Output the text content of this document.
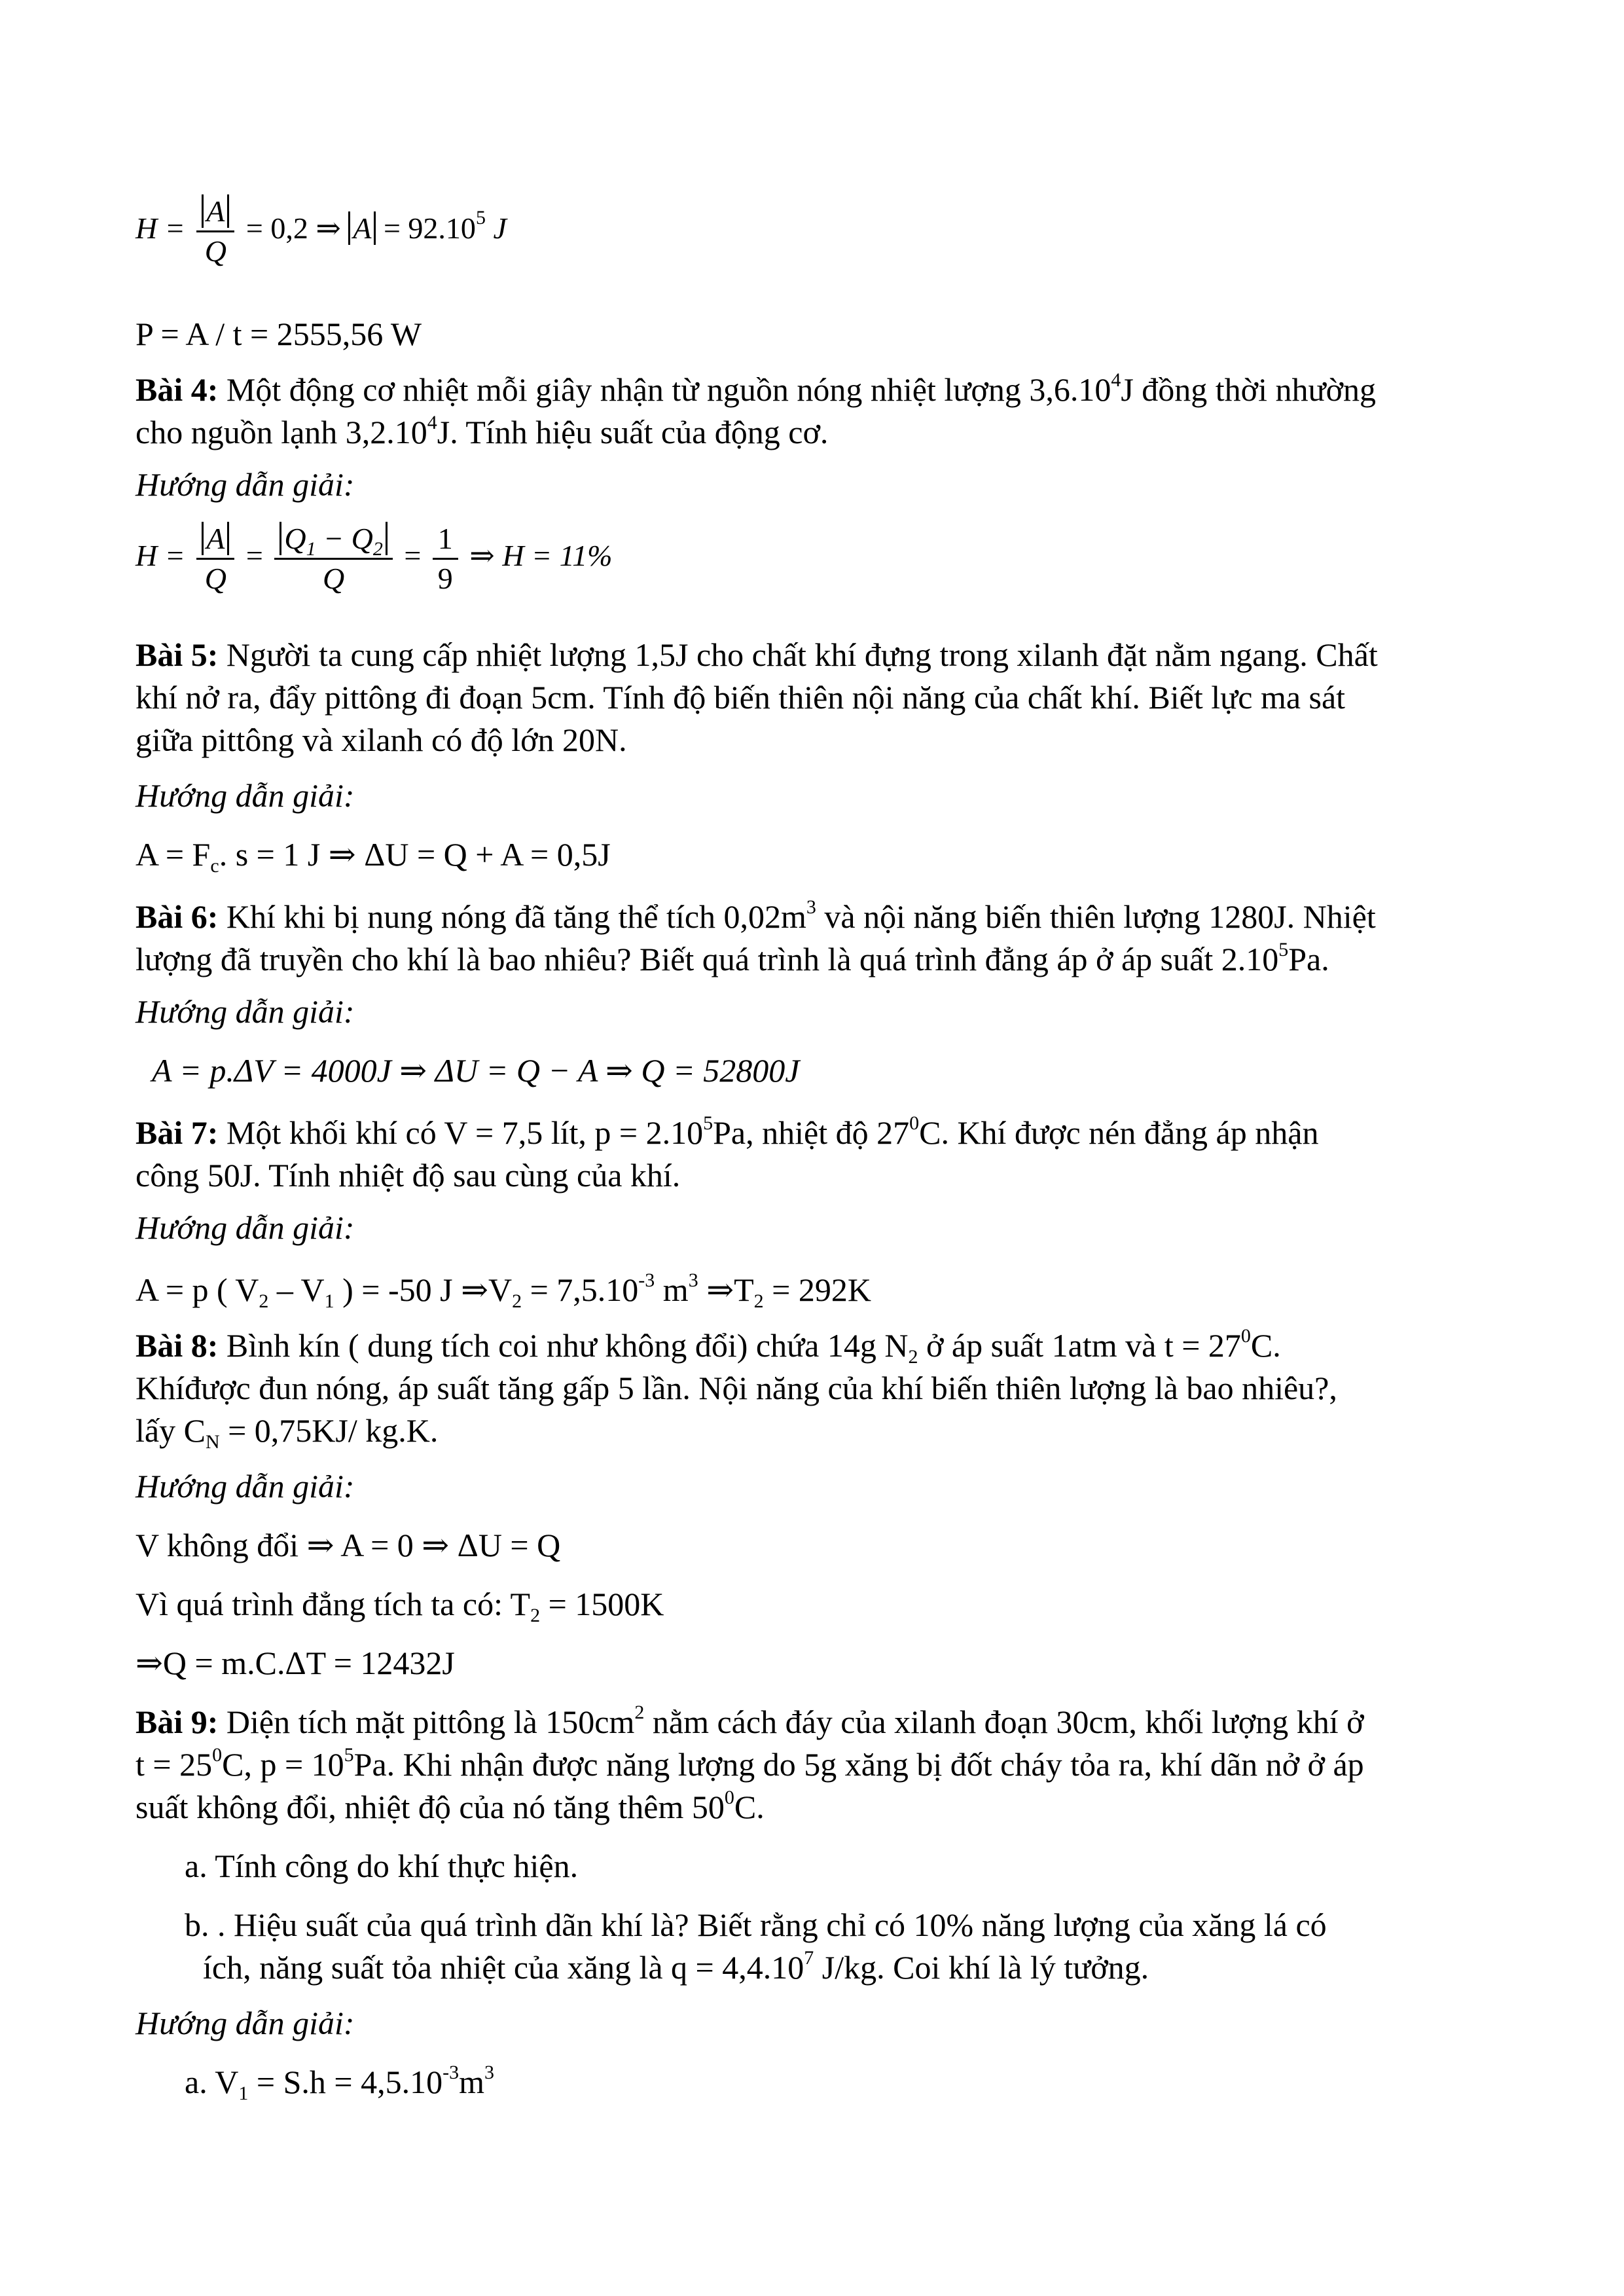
$H = \frac{A}{Q} = 0,2$ ⇒ $A = 92.10^5$ J
P = A / t = 2555,56 W
Bài 4: Một động cơ nhiệt mỗi giây nhận từ nguồn nóng nhiệt lượng 3,6.10$^4$J đồng thời nhường
cho nguồn lạnh 3,2.10$^4$J. Tính hiệu suất của động cơ.
Hướng dẫn giải:
$H = \frac{A}{Q} = \frac{Q_1 - Q_2}{Q} = \frac{1}{9}$ ⇒ H = 11%
Bài 5: Người ta cung cấp nhiệt lượng 1,5J cho chất khí đựng trong xilanh đặt nằm ngang. Chất
khí nở ra, đẩy pittông đi đoạn 5cm. Tính độ biến thiên nội năng của chất khí. Biết lực ma sát
giữa pittông và xilanh có độ lớn 20N.
Hướng dẫn giải:
$A = F_c$. s = 1 J ⇒ ΔU = Q + A = 0,5J
Bài 6: Khí khi bị nung nóng đã tăng thể tích $0,02m^3$ và nội năng biến thiên lượng 1280J. Nhiệt
lượng đã truyền cho khí là bao nhiêu? Biết quá trình là quá trình đẳng áp ở áp suất 2.10$^5$Pa.
Hướng dẫn giải:
A = p.ΔV = 4000J ⇒ ΔU = Q − A ⇒ Q = 52800J
Bài 7: Một khối khí có V = 7,5 lít, $p = 2.10^5Pa$, nhiệt độ $27^0C$. Khí được nén đẳng áp nhận
công 50J. Tính nhiệt độ sau cùng của khí.
Hướng dẫn giải:
A = p ( $V_2 - V_1$ ) = -50 J $\Rightarrow V_2 = 7,5.10^{-3}$ $m^3$ $\Rightarrow T_2 = 292K$
Bài 8: Bình kín ( dung tích coi như không đổi) chứa 14g $N_2$ ở áp suất 1atm và $t = 27^0C$.
Khíđược đun nóng, áp suất tăng gấp 5 lần. Nội năng của khí biến thiên lượng là bao nhiêu?,
lấy $C_N = 0,75KJ/$ kg.K.
Hướng dẫn giải:
V không đổi ⇒ A = 0 ⇒ ΔU = Q
Vì quá trình đẳng tích ta có: $T_2 = 1500K$
⇒Q = m.C.ΔT = 12432J
Bài 9: Diện tích mặt pittông là $150cm^2$ nằm cách đáy của xilanh đoạn 30cm, khối lượng khí ở
$t = 25^0C$, $p = 10^5Pa$. Khi nhận được năng lượng do 5g xăng bị đốt cháy tỏa ra, khí dãn nở ở áp
suất không đổi, nhiệt độ của nó tăng thêm $50^0C$.
a. Tính công do khí thực hiện.
b. . Hiệu suất của quá trình dãn khí là? Biết rằng chỉ có 10% năng lượng của xăng lá có
ích, năng suất tỏa nhiệt của xăng là $q = 4,4.10^7$ J/kg. Coi khí là lý tưởng.
Hướng dẫn giải:
a. $V_1 = S.h = 4,5.10^{-3}m^3$
